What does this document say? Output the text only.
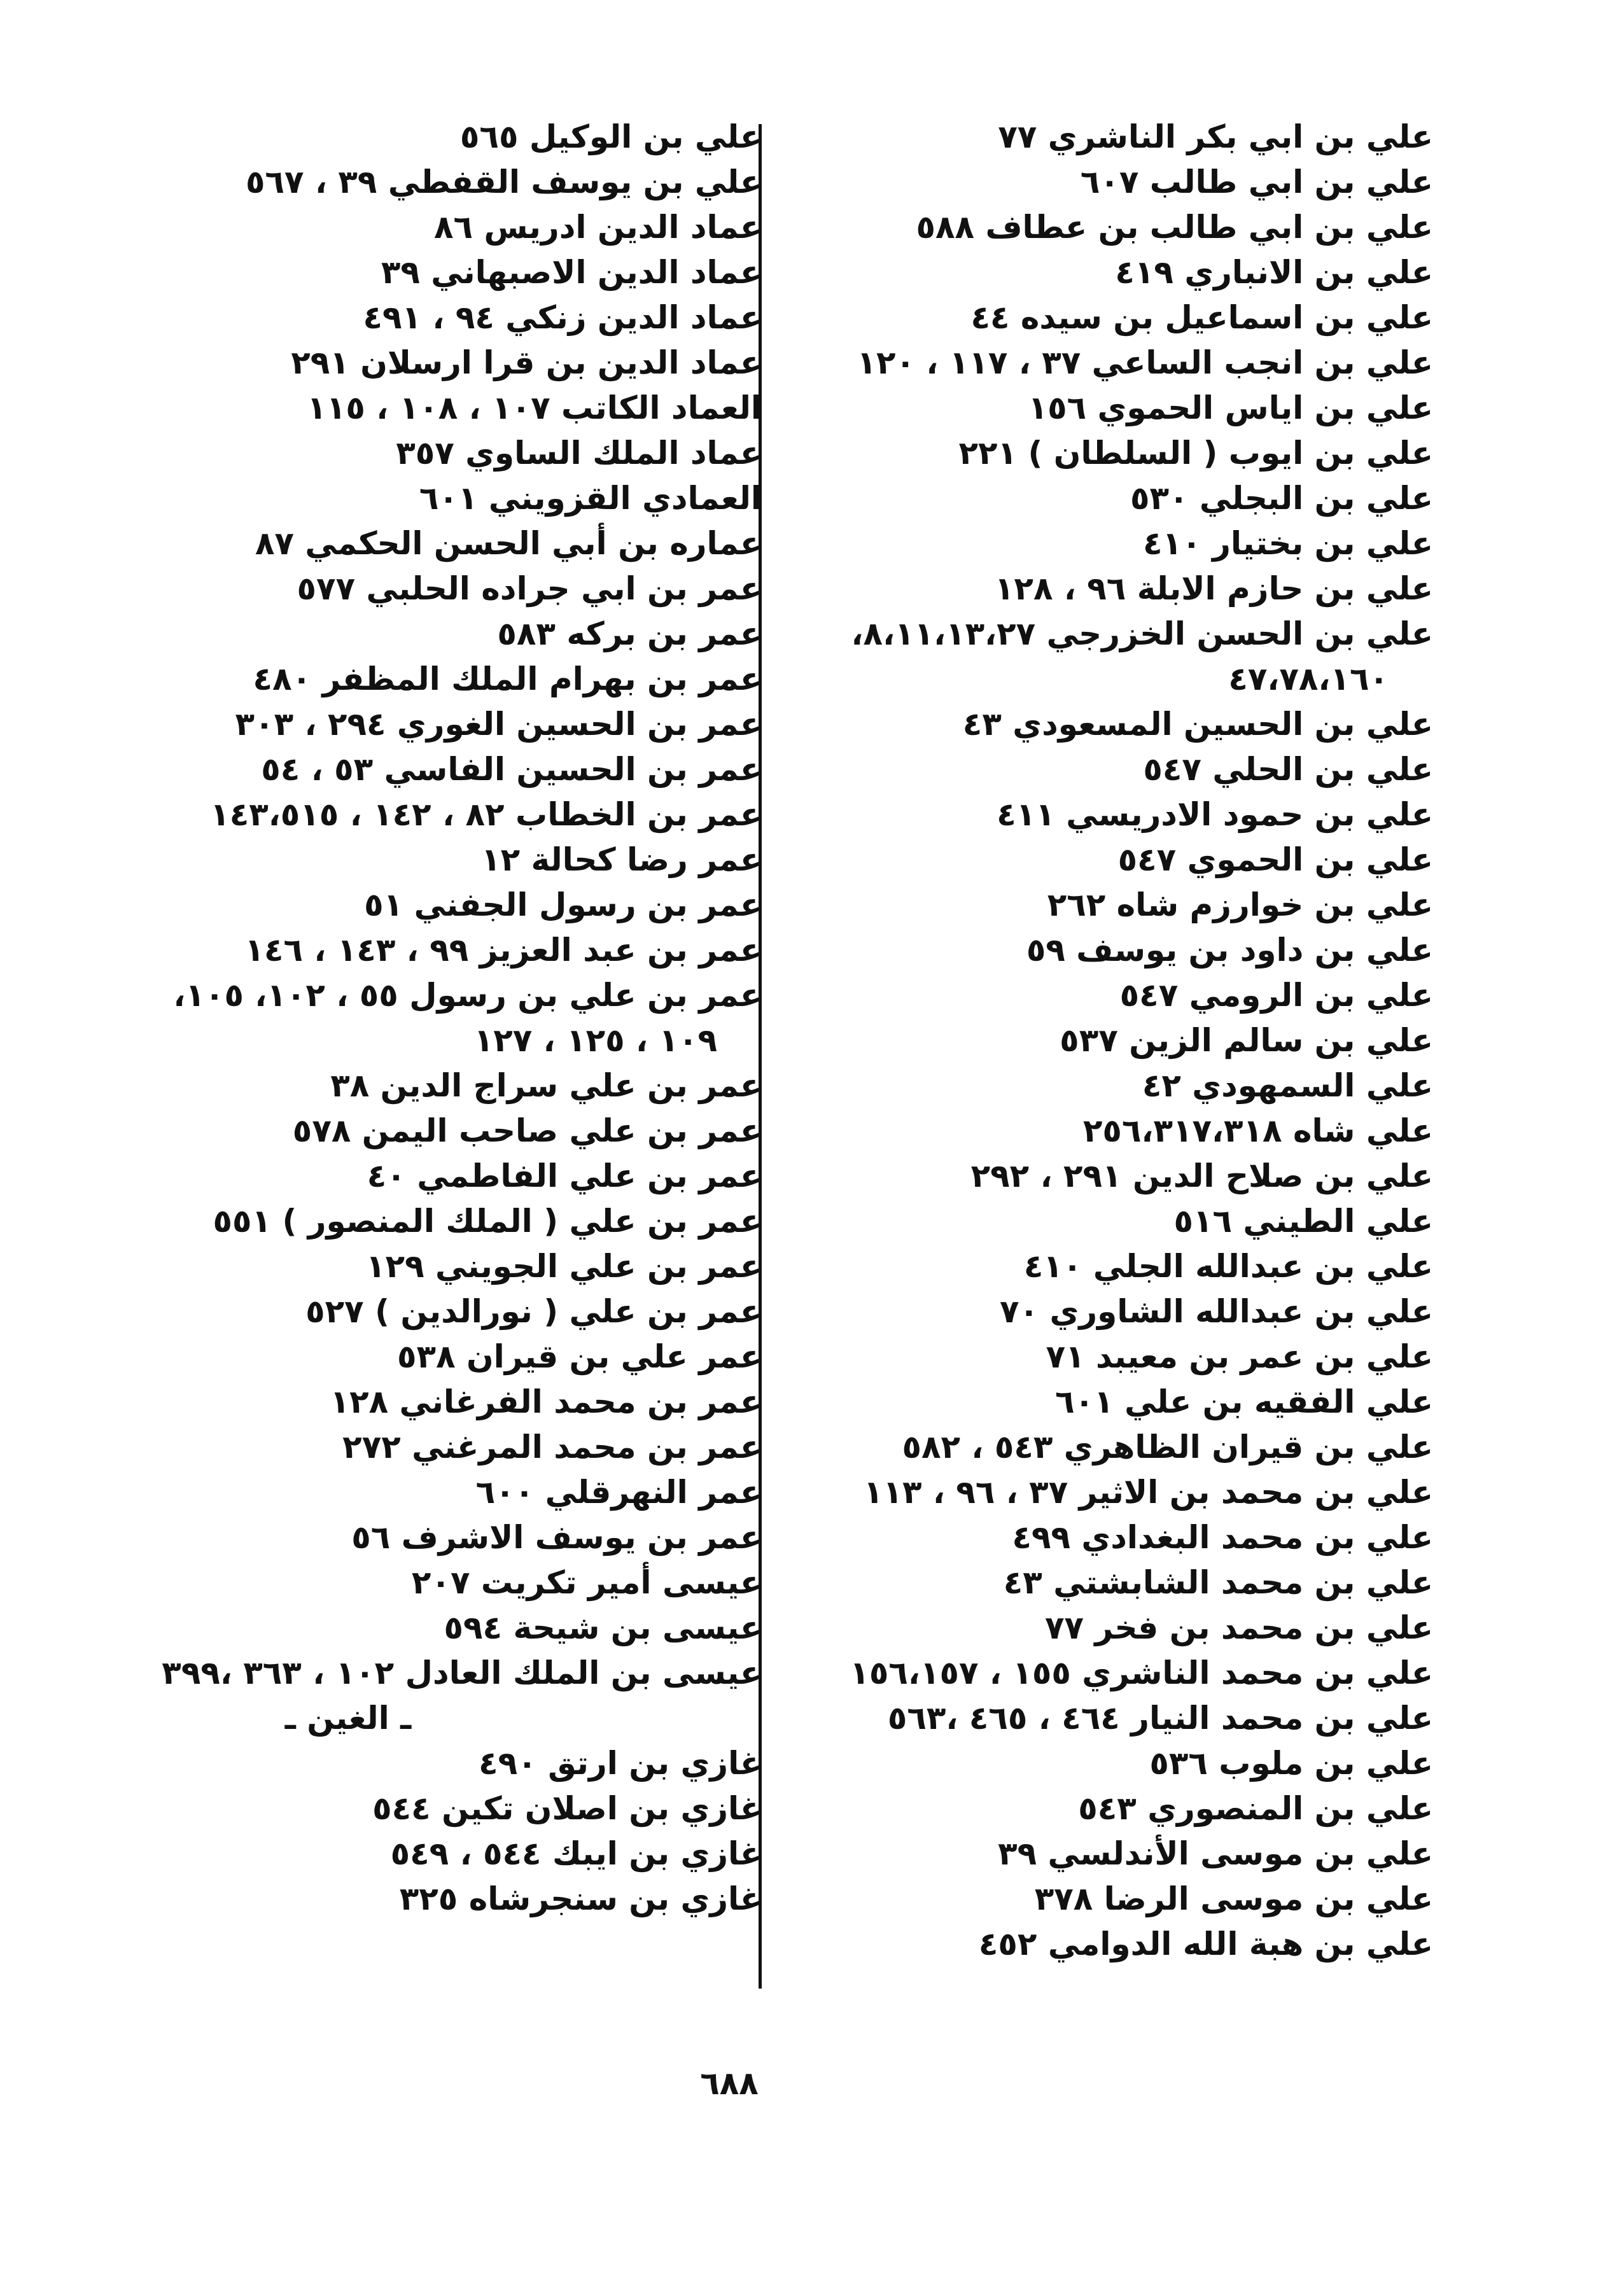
علي بن ابي بكر الناشري ٧٧
علي بن ابي طالب ٦٠٧
علي بن ابي طالب بن عطاف ٥٨٨
علي بن الانباري ٤١٩
علي بن اسماعيل بن سيده ٤٤
علي بن انجب الساعي ٣٧ ، ١١٧ ، ١٢٠
علي بن اياس الحموي ١٥٦
علي بن ايوب ( السلطان ) ٢٢١
علي بن البجلي ٥٣٠
علي بن بختيار ٤١٠
علي بن حازم الابلة ٩٦ ، ١٢٨
علي بن الحسن الخزرجي ٨،١١،١٣،٢٧،
٤٧،٧٨،١٦٠
علي بن الحسين المسعودي ٤٣
علي بن الحلي ٥٤٧
علي بن حمود الادريسي ٤١١
علي بن الحموي ٥٤٧
علي بن خوارزم شاه ٢٦٢
علي بن داود بن يوسف ٥٩
علي بن الرومي ٥٤٧
علي بن سالم الزين ٥٣٧
علي السمهودي ٤٢
علي شاه ٢٥٦،٣١٧،٣١٨
علي بن صلاح الدين ٢٩١ ، ٢٩٢
علي الطيني ٥١٦
علي بن عبدالله الجلي ٤١٠
علي بن عبدالله الشاوري ٧٠
علي بن عمر بن معيبد ٧١
علي الفقيه بن علي ٦٠١
علي بن قيران الظاهري ٥٤٣ ، ٥٨٢
علي بن محمد بن الاثير ٣٧ ، ٩٦ ، ١١٣
علي بن محمد البغدادي ٤٩٩
علي بن محمد الشابشتي ٤٣
علي بن محمد بن فخر ٧٧
علي بن محمد الناشري ١٥٥ ، ١٥٦،١٥٧
علي بن محمد النيار ٤٦٤ ، ٤٦٥ ،٥٦٣
علي بن ملوب ٥٣٦
علي بن المنصوري ٥٤٣
علي بن موسى الأندلسي ٣٩
علي بن موسى الرضا ٣٧٨
علي بن هبة الله الدوامي ٤٥٢
علي بن الوكيل ٥٦٥
علي بن يوسف القفطي ٣٩ ، ٥٦٧
عماد الدين ادريس ٨٦
عماد الدين الاصبهاني ٣٩
عماد الدين زنكي ٩٤ ، ٤٩١
عماد الدين بن قرا ارسلان ٢٩١
العماد الكاتب ١٠٧ ، ١٠٨ ، ١١٥
عماد الملك الساوي ٣٥٧
العمادي القزويني ٦٠١
عماره بن أبي الحسن الحكمي ٨٧
عمر بن ابي جراده الحلبي ٥٧٧
عمر بن بركه ٥٨٣
عمر بن بهرام الملك المظفر ٤٨٠
عمر بن الحسين الغوري ٢٩٤ ، ٣٠٣
عمر بن الحسين الفاسي ٥٣ ، ٥٤
عمر بن الخطاب ٨٢ ، ١٤٢ ، ١٤٣،٥١٥
عمر رضا كحالة ١٢
عمر بن رسول الجفني ٥١
عمر بن عبد العزيز ٩٩ ، ١٤٣ ، ١٤٦
عمر بن علي بن رسول ٥٥ ، ١٠٢، ١٠٥،
١٠٩ ، ١٢٥ ، ١٢٧
عمر بن علي سراج الدين ٣٨
عمر بن علي صاحب اليمن ٥٧٨
عمر بن علي الفاطمي ٤٠
عمر بن علي ( الملك المنصور ) ٥٥١
عمر بن علي الجويني ١٢٩
عمر بن علي ( نورالدين ) ٥٢٧
عمر علي بن قيران ٥٣٨
عمر بن محمد الفرغاني ١٢٨
عمر بن محمد المرغني ٢٧٢
عمر النهرقلي ٦٠٠
عمر بن يوسف الاشرف ٥٦
عيسى أمير تكريت ٢٠٧
عيسى بن شيحة ٥٩٤
عيسى بن الملك العادل ١٠٢ ، ٣٦٣ ،٣٩٩
ـ الغين ـ
غازي بن ارتق ٤٩٠
غازي بن اصلان تكين ٥٤٤
غازي بن ايبك ٥٤٤ ، ٥٤٩
غازي بن سنجرشاه ٣٢٥
٦٨٨
